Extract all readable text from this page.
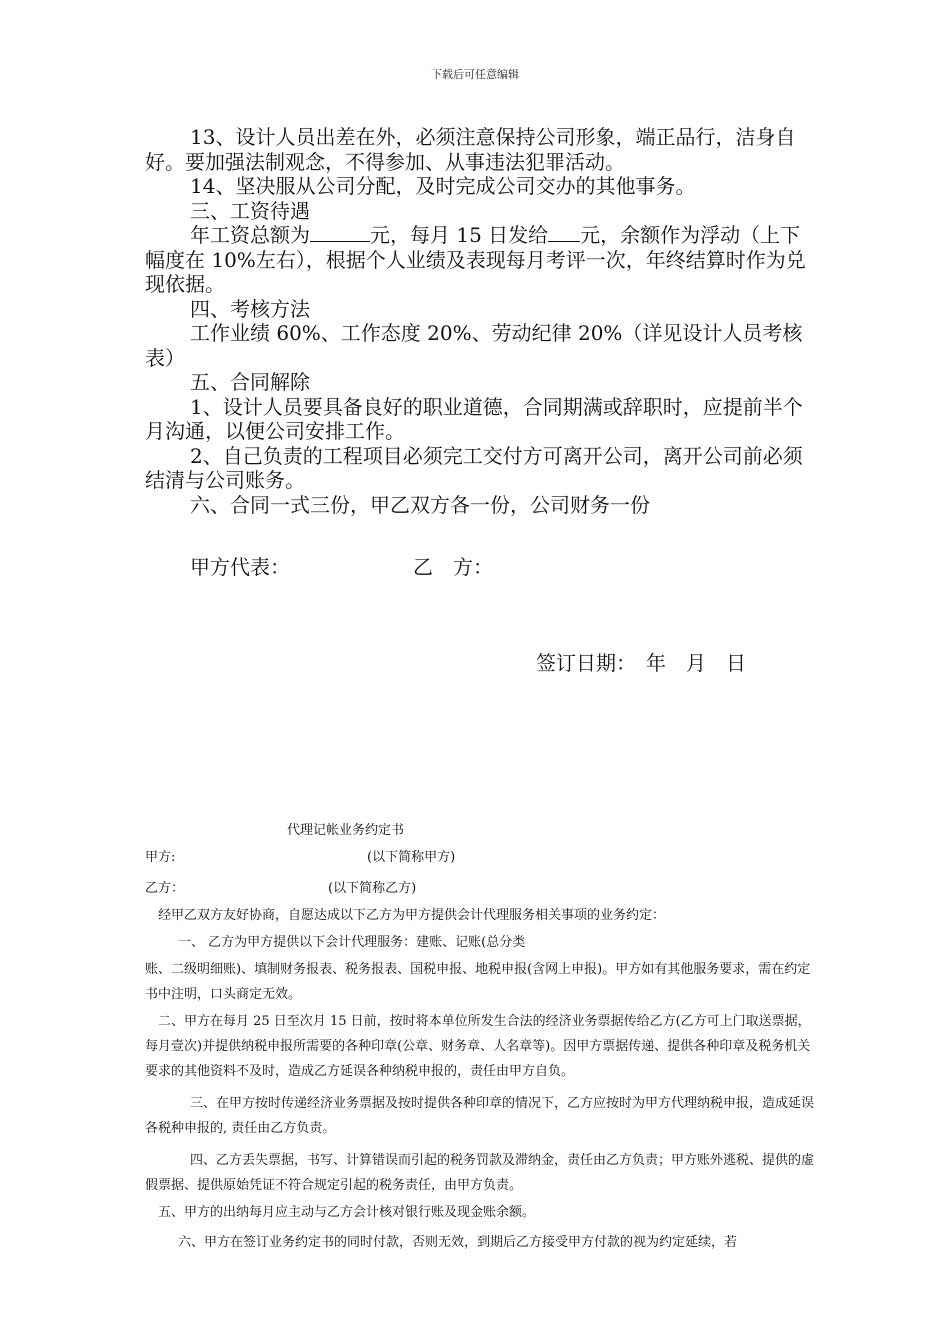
下载后可任意编辑

13、设计人员出差在外，必须注意保持公司形象，端正品行，洁身自好。要加强法制观念，不得参加、从事违法犯罪活动。

14、坚决服从公司分配，及时完成公司交办的其他事务。

三、工资待遇

年工资总额为	元，每月 15 日发给 元，余额作为浮动（上下幅度在 10%左右），根据个人业绩及表现每月考评一次，年终结算时作为兑现依据。

四、考核方法

工作业绩 60%、工作态度 20%、劳动纪律 20%（详见设计人员考核表）

五、合同解除

1、设计人员要具备良好的职业道德，合同期满或辞职时，应提前半个月沟通，以便公司安排工作。

2、自己负责的工程项目必须完工交付方可离开公司，离开公司前必须结清与公司账务。

六、合同一式三份，甲乙双方各一份，公司财务一份

甲方代表：	乙　方：
签订日期：　年　月　日
代理记帐业务约定书

甲方:	(以下简称甲方)

乙方：	(以下简称乙方)

经甲乙双方友好协商，自愿达成以下乙方为甲方提供会计代理服务相关事项的业务约定：

一、 乙方为甲方提供以下会计代理服务：建账、记账(总分类

账、二级明细账)、填制财务报表、税务报表、国税申报、地税申报(含网上申报)。甲方如有其他服务要求，需在约定书中注明，口头商定无效。

二、甲方在每月 25 日至次月 15 日前，按时将本单位所发生合法的经济业务票据传给乙方(乙方可上门取送票据，每月壹次)并提供纳税申报所需要的各种印章(公章、财务章、人名章等)。因甲方票据传递、提供各种印章及税务机关要求的其他资料不及时，造成乙方延误各种纳税申报的，责任由甲方自负。

三、在甲方按时传递经济业务票据及按时提供各种印章的情况下，乙方应按时为甲方代理纳税申报，造成延误各税种申报的, 责任由乙方负责。

四、乙方丢失票据，书写、计算错误而引起的税务罚款及滞纳金，责任由乙方负责；甲方账外逃税、提供的虚假票据、提供原始凭证不符合规定引起的税务责任，由甲方负责。

五、甲方的出纳每月应主动与乙方会计核对银行账及现金账余额。

六、甲方在签订业务约定书的同时付款，否则无效，到期后乙方接受甲方付款的视为约定延续，若
